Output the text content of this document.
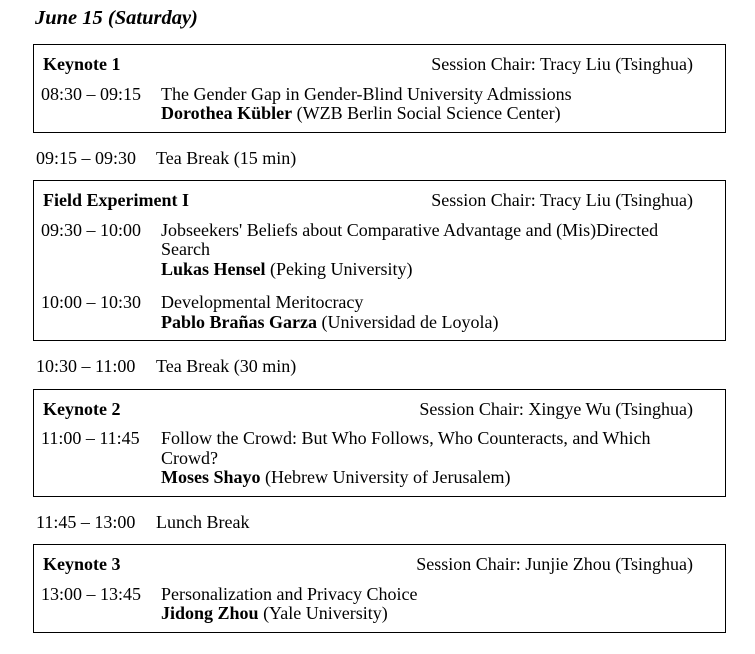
June 15 (Saturday)
Keynote 1	Session Chair: Tracy Liu (Tsinghua)
08:30 – 09:15	The Gender Gap in Gender-Blind University Admissions
Dorothea Kübler (WZB Berlin Social Science Center)
09:15 – 09:30	Tea Break (15 min)
Field Experiment I	Session Chair: Tracy Liu (Tsinghua)
09:30 – 10:00	Jobseekers' Beliefs about Comparative Advantage and (Mis)Directed Search
Lukas Hensel (Peking University)
10:00 – 10:30	Developmental Meritocracy
Pablo Brañas Garza (Universidad de Loyola)
10:30 – 11:00	Tea Break (30 min)
Keynote 2	Session Chair: Xingye Wu (Tsinghua)
11:00 – 11:45	Follow the Crowd: But Who Follows, Who Counteracts, and Which Crowd?
Moses Shayo (Hebrew University of Jerusalem)
11:45 – 13:00	Lunch Break
Keynote 3	Session Chair: Junjie Zhou (Tsinghua)
13:00 – 13:45	Personalization and Privacy Choice
Jidong Zhou (Yale University)
